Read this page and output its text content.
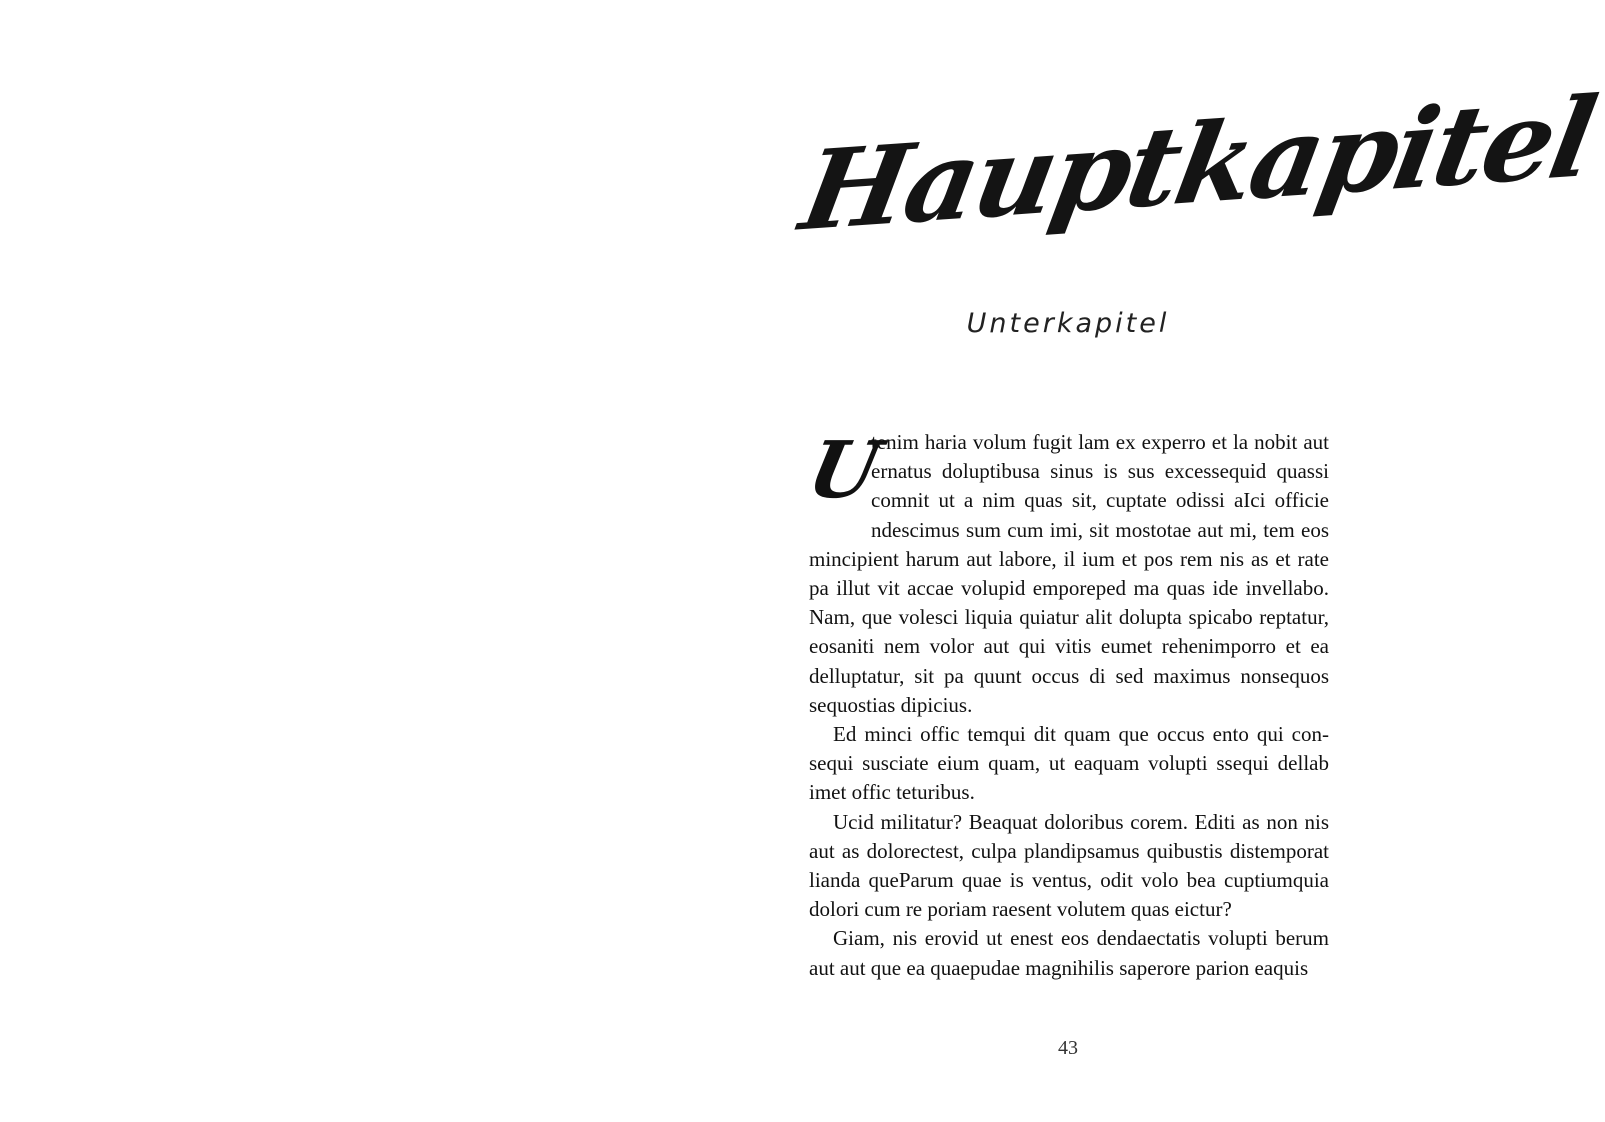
Hauptkapitel
Unterkapitel

U
tenim haria volum fugit lam ex experro et la nobit aut ernatus doluptibusa sinus is sus excessequid quassi comnit ut a nim quas sit, cuptate odissi aIci officie ndescimus sum cum imi, sit mostotae aut mi, tem eos mincipient harum aut labore, il ium et pos rem nis as et rate pa illut vit accae volupid emporeped ma quas ide invellabo. Nam, que volesci liquia quiatur alit dolupta spicabo reptatur, eosaniti nem volor aut qui vitis eumet rehenimporro et ea delluptatur, sit pa quunt occus di sed maximus nonsequos sequostias dipicius.

Ed minci offic temqui dit quam que occus ento qui consequi susciate eium quam, ut eaquam volupti ssequi dellab imet offic teturibus.

Ucid militatur? Beaquat doloribus corem. Editi as non nis aut as dolorectest, culpa plandipsamus quibustis distemporat lianda queParum quae is ventus, odit volo bea cuptiumquia dolori cum re poriam raesent volutem quas eictur?

Giam, nis erovid ut enest eos dendaectatis volupti berum aut aut que ea quaepudae magnihilis saperore parion eaquis

43
